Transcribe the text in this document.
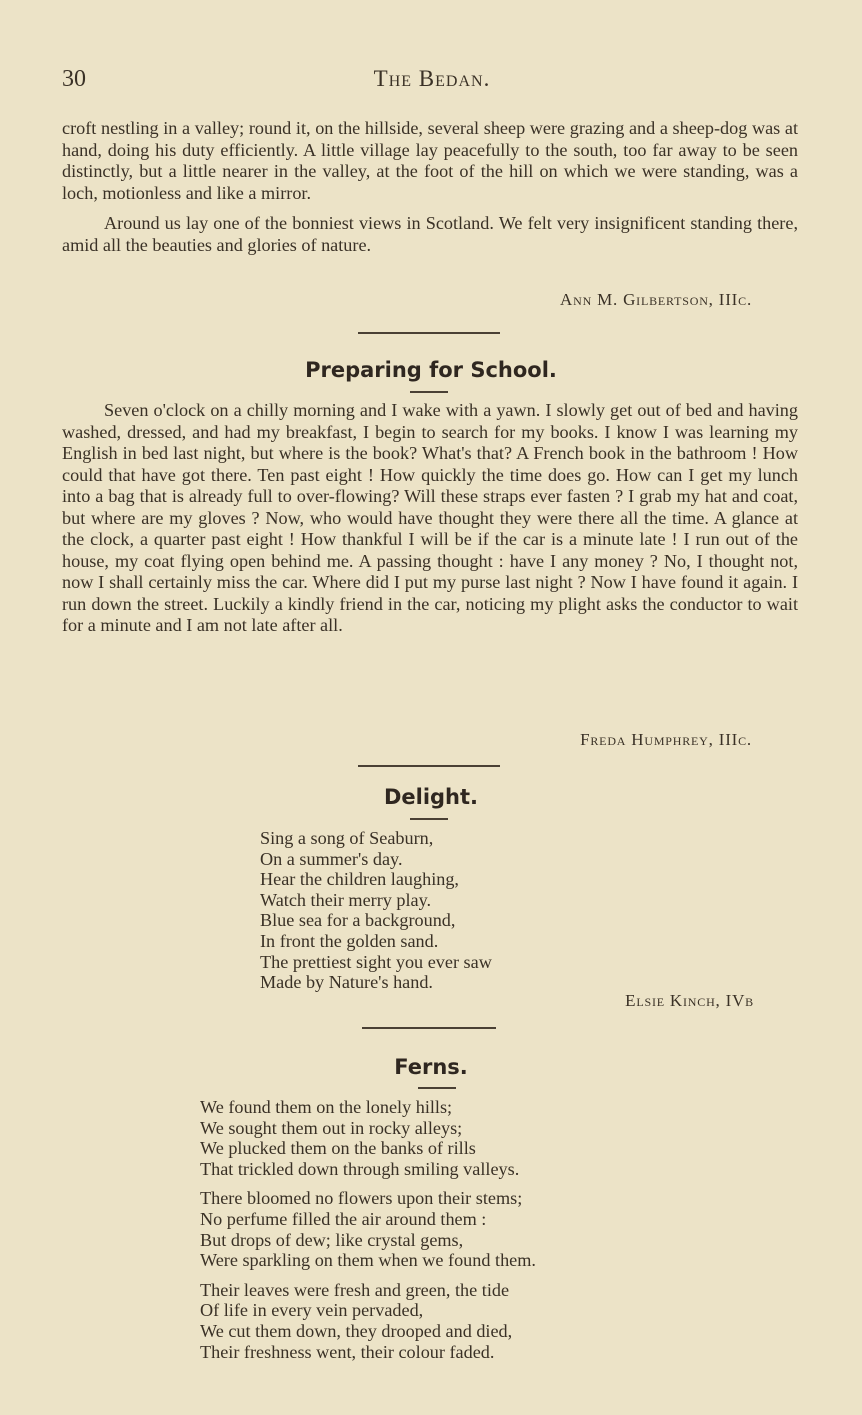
30	The Bedan.

croft nestling in a valley; round it, on the hillside, several sheep were grazing and a sheep-dog was at hand, doing his duty efficiently. A little village lay peacefully to the south, too far away to be seen distinctly, but a little nearer in the valley, at the foot of the hill on which we were standing, was a loch, motionless and like a mirror.

Around us lay one of the bonniest views in Scotland. We felt very insignificent standing there, amid all the beauties and glories of nature.

Ann M. Gilbertson, IIIc.
Preparing for School.

Seven o'clock on a chilly morning and I wake with a yawn. I slowly get out of bed and having washed, dressed, and had my breakfast, I begin to search for my books. I know I was learning my English in bed last night, but where is the book? What's that? A French book in the bathroom ! How could that have got there. Ten past eight ! How quickly the time does go. How can I get my lunch into a bag that is already full to over-flowing? Will these straps ever fasten ? I grab my hat and coat, but where are my gloves ? Now, who would have thought they were there all the time. A glance at the clock, a quarter past eight ! How thankful I will be if the car is a minute late ! I run out of the house, my coat flying open behind me. A passing thought : have I any money ? No, I thought not, now I shall certainly miss the car. Where did I put my purse last night ? Now I have found it again. I run down the street. Luckily a kindly friend in the car, noticing my plight asks the conductor to wait for a minute and I am not late after all.

Freda Humphrey, IIIc.
Delight.
Sing a song of Seaburn,
On a summer's day.
Hear the children laughing,
Watch their merry play.
Blue sea for a background,
In front the golden sand.
The prettiest sight you ever saw
Made by Nature's hand.
Elsie Kinch, IVb
Ferns.
We found them on the lonely hills;
We sought them out in rocky alleys;
We plucked them on the banks of rills
That trickled down through smiling valleys.
There bloomed no flowers upon their stems;
No perfume filled the air around them :
But drops of dew; like crystal gems,
Were sparkling on them when we found them.
Their leaves were fresh and green, the tide
Of life in every vein pervaded,
We cut them down, they drooped and died,
Their freshness went, their colour faded.
